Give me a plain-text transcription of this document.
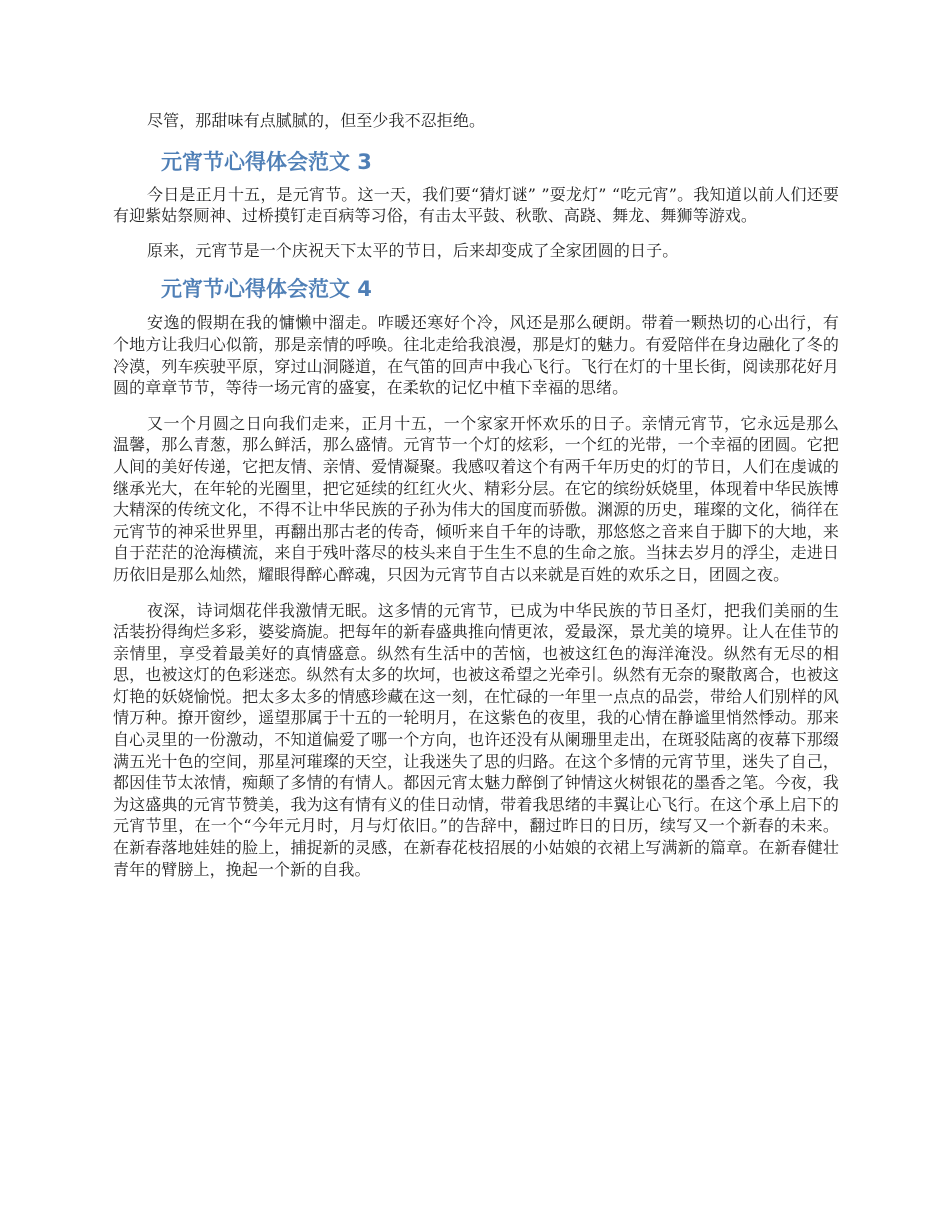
尽管，那甜味有点腻腻的，但至少我不忍拒绝。

元宵节心得体会范文 3

今日是正月十五，是元宵节。这一天，我们要“猜灯谜” ”耍龙灯” “吃元宵”。我知道以前人们还要有迎紫姑祭厕神、过桥摸钉走百病等习俗，有击太平鼓、秋歌、高跷、舞龙、舞狮等游戏。

原来，元宵节是一个庆祝天下太平的节日，后来却变成了全家团圆的日子。

元宵节心得体会范文 4

安逸的假期在我的慵懒中溜走。咋暖还寒好个冷，风还是那么硬朗。带着一颗热切的心出行，有个地方让我归心似箭，那是亲情的呼唤。往北走给我浪漫，那是灯的魅力。有爱陪伴在身边融化了冬的冷漠，列车疾驶平原，穿过山洞隧道，在气笛的回声中我心飞行。飞行在灯的十里长街，阅读那花好月圆的章章节节，等待一场元宵的盛宴，在柔软的记忆中植下幸福的思绪。

又一个月圆之日向我们走来，正月十五，一个家家开怀欢乐的日子。亲情元宵节，它永远是那么温馨，那么青葱，那么鲜活，那么盛情。元宵节一个灯的炫彩，一个红的光带，一个幸福的团圆。它把人间的美好传递，它把友情、亲情、爱情凝聚。我感叹着这个有两千年历史的灯的节日，人们在虔诚的继承光大，在年轮的光圈里，把它延续的红红火火、精彩分层。在它的缤纷妖娆里，体现着中华民族博大精深的传统文化，不得不让中华民族的子孙为伟大的国度而骄傲。渊源的历史，璀璨的文化，徜徉在元宵节的神采世界里，再翻出那古老的传奇，倾听来自千年的诗歌，那悠悠之音来自于脚下的大地，来自于茫茫的沧海横流，来自于残叶落尽的枝头来自于生生不息的生命之旅。当抹去岁月的浮尘，走进日历依旧是那么灿然，耀眼得醉心醉魂，只因为元宵节自古以来就是百姓的欢乐之日，团圆之夜。

夜深，诗词烟花伴我激情无眠。这多情的元宵节，已成为中华民族的节日圣灯，把我们美丽的生活装扮得绚烂多彩，婆娑旖旎。把每年的新春盛典推向情更浓，爱最深，景尤美的境界。让人在佳节的亲情里，享受着最美好的真情盛意。纵然有生活中的苦恼，也被这红色的海洋淹没。纵然有无尽的相思，也被这灯的色彩迷恋。纵然有太多的坎坷，也被这希望之光牵引。纵然有无奈的聚散离合，也被这灯艳的妖娆愉悦。把太多太多的情感珍藏在这一刻，在忙碌的一年里一点点的品尝，带给人们别样的风情万种。撩开窗纱，遥望那属于十五的一轮明月，在这紫色的夜里，我的心情在静谧里悄然悸动。那来自心灵里的一份激动，不知道偏爱了哪一个方向，也许还没有从阑珊里走出，在斑驳陆离的夜幕下那缀满五光十色的空间，那星河璀璨的天空，让我迷失了思的归路。在这个多情的元宵节里，迷失了自己，都因佳节太浓情，痴颠了多情的有情人。都因元宵太魅力醉倒了钟情这火树银花的墨香之笔。今夜，我为这盛典的元宵节赞美，我为这有情有义的佳日动情，带着我思绪的丰翼让心飞行。在这个承上启下的元宵节里，在一个“今年元月时，月与灯依旧。”的告辞中，翻过昨日的日历，续写又一个新春的未来。在新春落地娃娃的脸上，捕捉新的灵感，在新春花枝招展的小姑娘的衣裙上写满新的篇章。在新春健壮青年的臂膀上，挽起一个新的自我。
